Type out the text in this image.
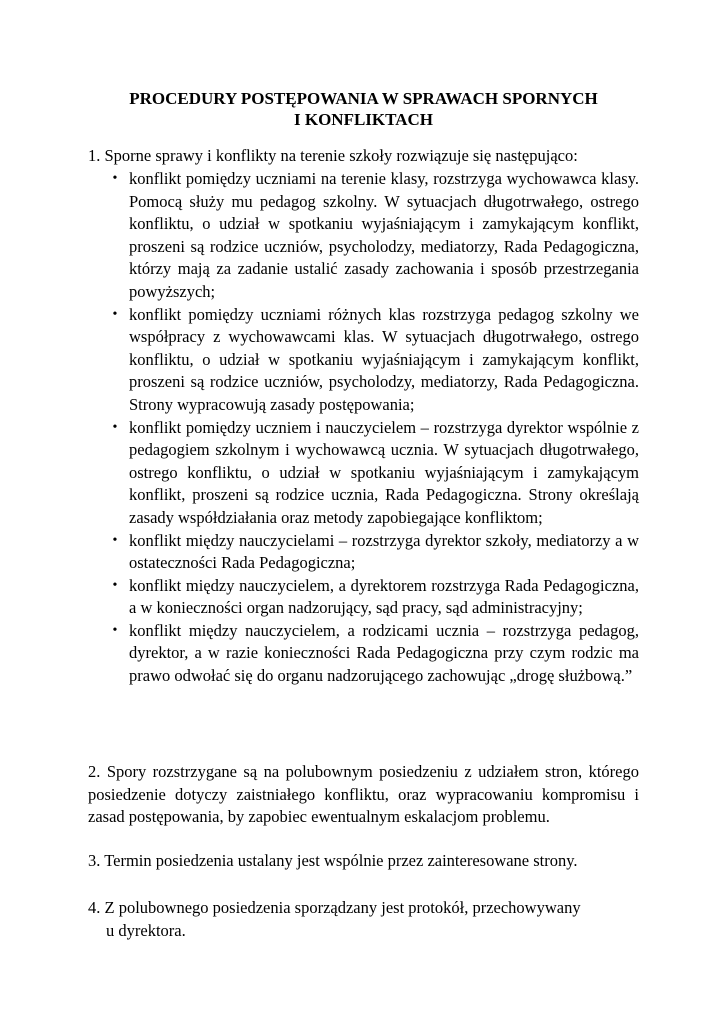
PROCEDURY POSTĘPOWANIA W SPRAWACH SPORNYCH
I KONFLIKTACH

1. Sporne sprawy i konflikty na terenie szkoły rozwiązuje się następująco:

• konflikt pomiędzy uczniami na terenie klasy, rozstrzyga wychowawca klasy. Pomocą służy mu pedagog szkolny. W sytuacjach długotrwałego, ostrego konfliktu, o udział w spotkaniu wyjaśniającym i zamykającym konflikt, proszeni są rodzice uczniów, psycholodzy, mediatorzy, Rada Pedagogiczna, którzy mają za zadanie ustalić zasady zachowania i sposób przestrzegania powyższych;
• konflikt pomiędzy uczniami różnych klas rozstrzyga pedagog szkolny we współpracy z wychowawcami klas. W sytuacjach długotrwałego, ostrego konfliktu, o udział w spotkaniu wyjaśniającym i zamykającym konflikt, proszeni są rodzice uczniów, psycholodzy, mediatorzy, Rada Pedagogiczna. Strony wypracowują zasady postępowania;
• konflikt pomiędzy uczniem i nauczycielem – rozstrzyga dyrektor wspólnie z pedagogiem szkolnym i wychowawcą ucznia. W sytuacjach długotrwałego, ostrego konfliktu, o udział w spotkaniu wyjaśniającym i zamykającym konflikt, proszeni są rodzice ucznia, Rada Pedagogiczna. Strony określają zasady współdziałania oraz metody zapobiegające konfliktom;
• konflikt między nauczycielami – rozstrzyga dyrektor szkoły, mediatorzy a w ostateczności Rada Pedagogiczna;
• konflikt między nauczycielem, a dyrektorem rozstrzyga Rada Pedagogiczna, a w konieczności organ nadzorujący, sąd pracy, sąd administracyjny;
• konflikt między nauczycielem, a rodzicami ucznia – rozstrzyga pedagog, dyrektor, a w razie konieczności Rada Pedagogiczna przy czym rodzic ma prawo odwołać się do organu nadzorującego zachowując „drogę służbową.”

2. Spory rozstrzygane są na polubownym posiedzeniu z udziałem stron, którego posiedzenie dotyczy zaistniałego konfliktu, oraz wypracowaniu kompromisu i zasad postępowania, by zapobiec ewentualnym eskalacjom problemu.

3. Termin posiedzenia ustalany jest wspólnie przez zainteresowane strony.

4. Z polubownego posiedzenia sporządzany jest protokół, przechowywany
u dyrektora.
